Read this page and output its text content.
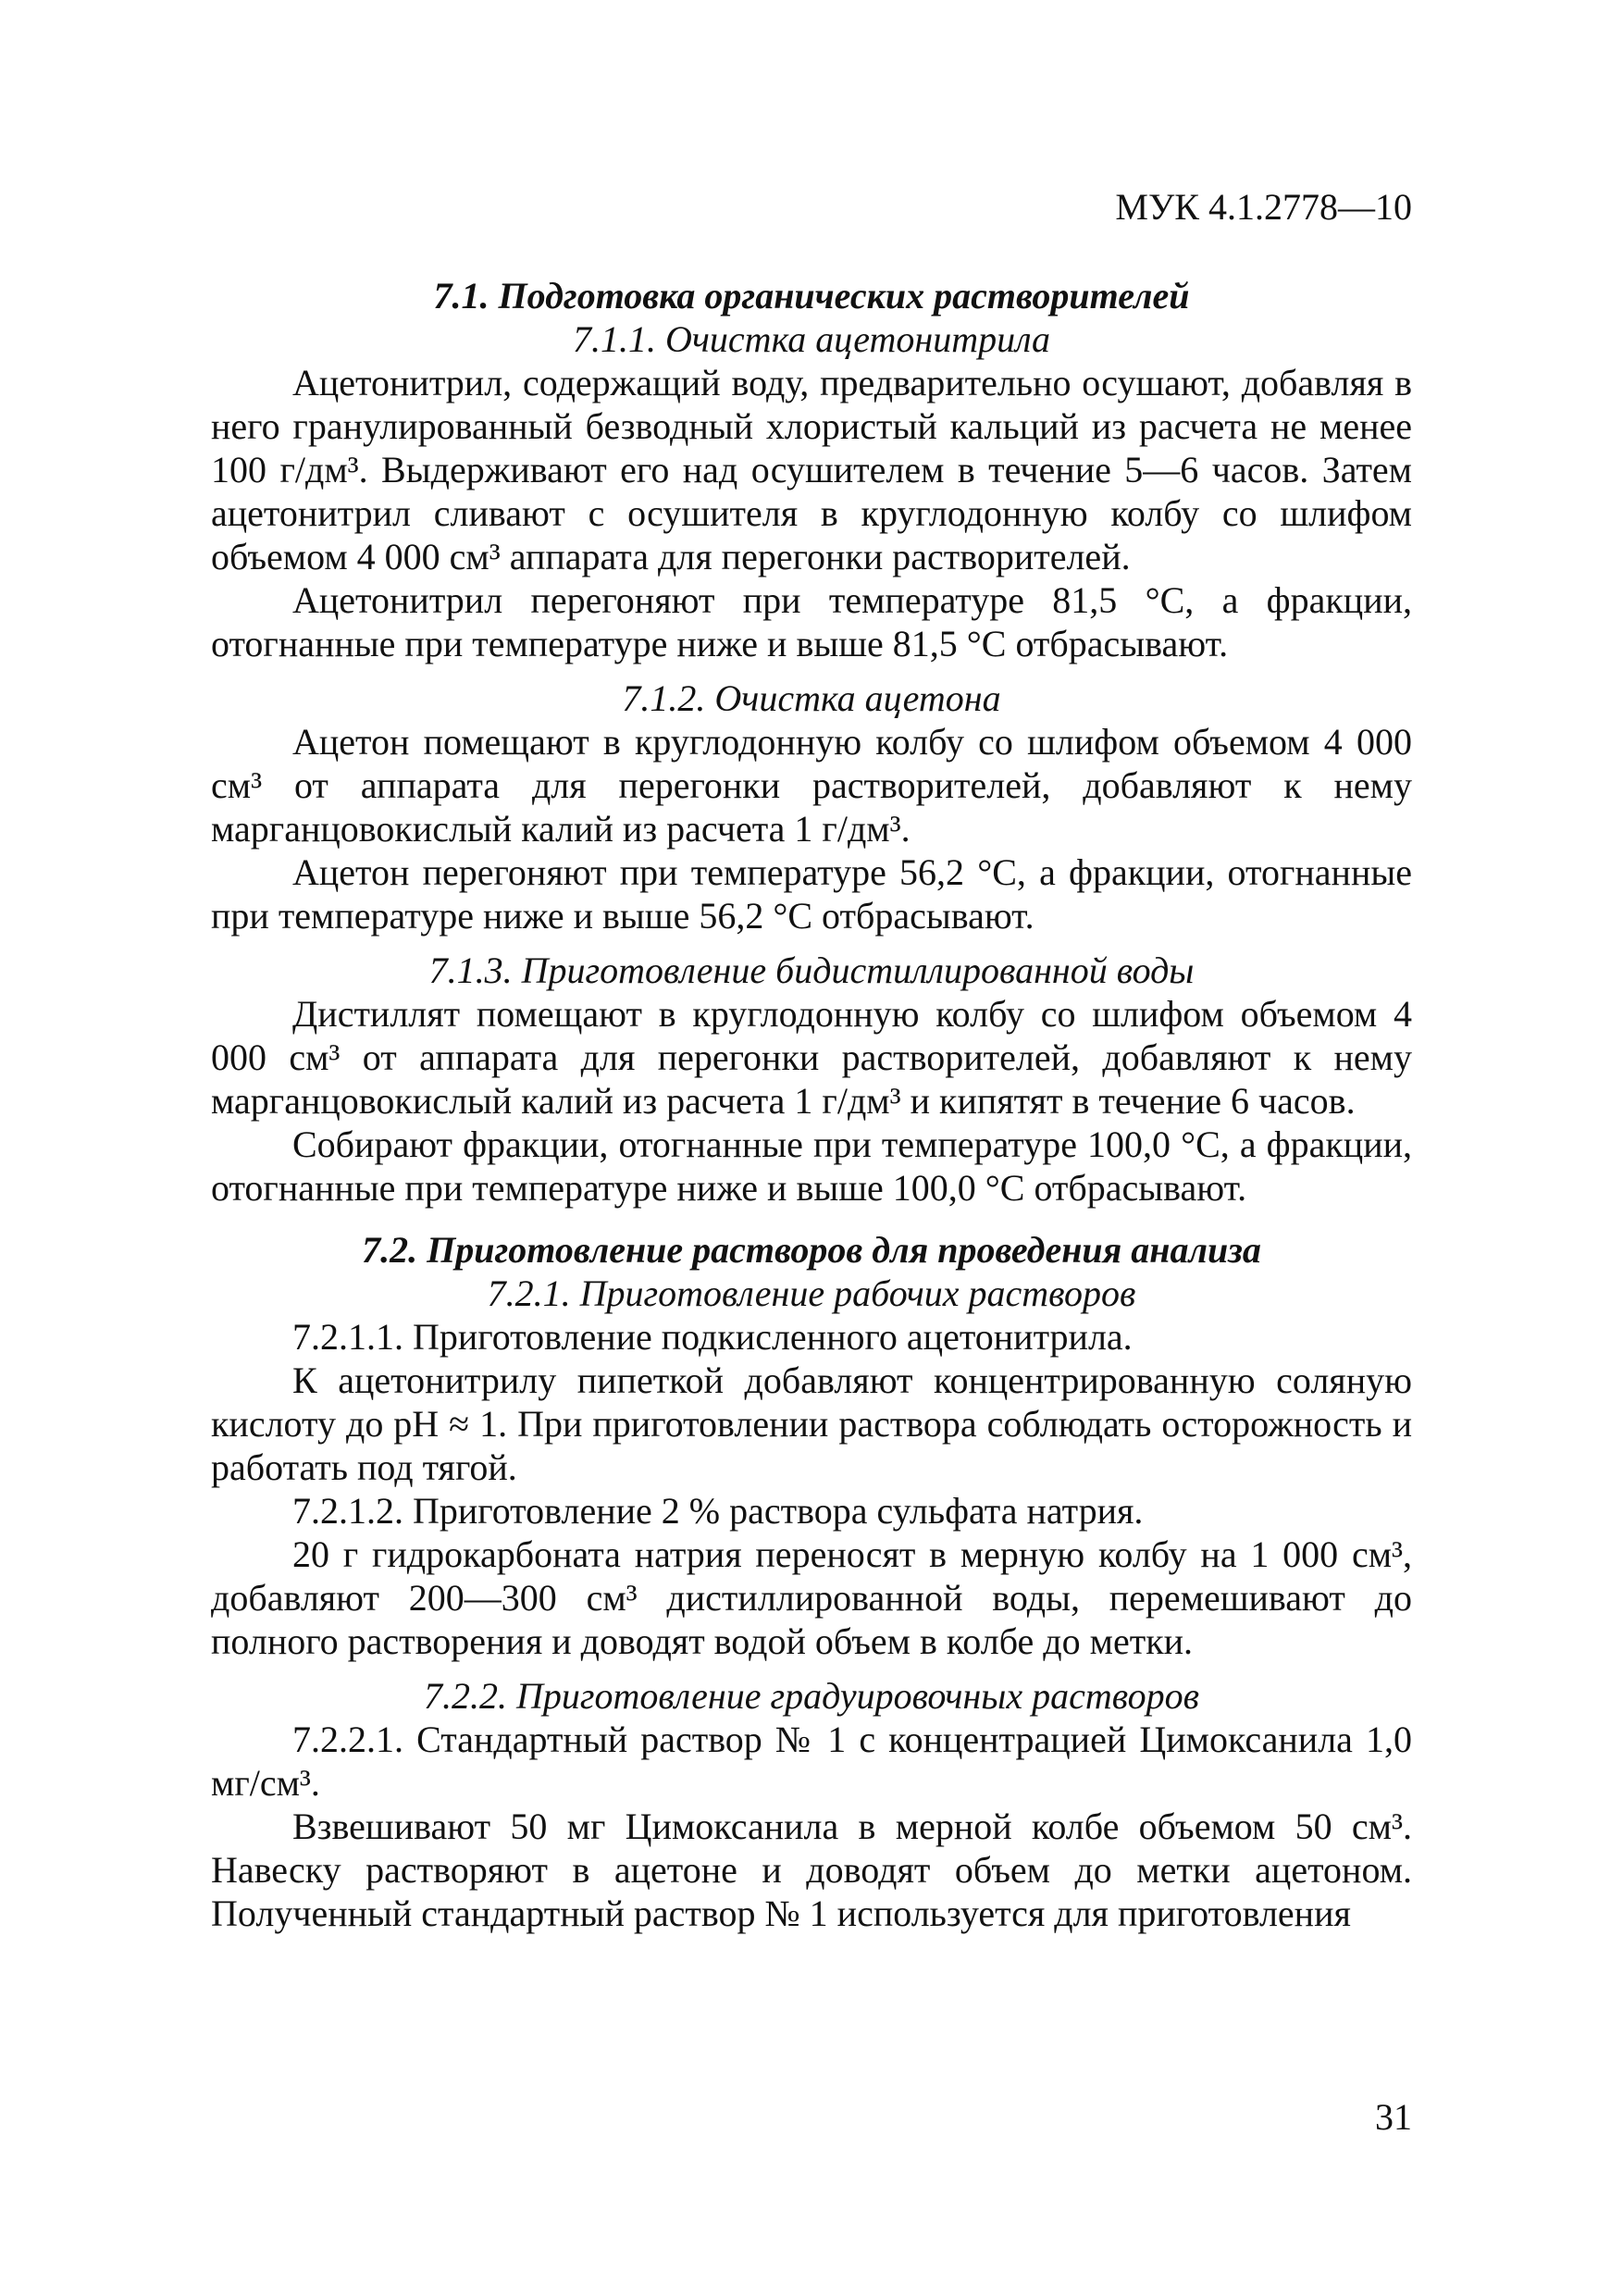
МУК 4.1.2778—10
7.1. Подготовка органических растворителей
7.1.1. Очистка ацетонитрила

Ацетонитрил, содержащий воду, предварительно осушают, добавляя в него гранулированный безводный хлористый кальций из расчета не менее 100 г/дм³. Выдерживают его над осушителем в течение 5—6 часов. Затем ацетонитрил сливают с осушителя в круглодонную колбу со шлифом объемом 4 000 см³ аппарата для перегонки растворителей.

Ацетонитрил перегоняют при температуре 81,5 °С, а фракции, отогнанные при температуре ниже и выше 81,5 °С отбрасывают.

7.1.2. Очистка ацетона

Ацетон помещают в круглодонную колбу со шлифом объемом 4 000 см³ от аппарата для перегонки растворителей, добавляют к нему марганцовокислый калий из расчета 1 г/дм³.

Ацетон перегоняют при температуре 56,2 °С, а фракции, отогнанные при температуре ниже и выше 56,2 °С отбрасывают.

7.1.3. Приготовление бидистиллированной воды

Дистиллят помещают в круглодонную колбу со шлифом объемом 4 000 см³ от аппарата для перегонки растворителей, добавляют к нему марганцовокислый калий из расчета 1 г/дм³ и кипятят в течение 6 часов.

Собирают фракции, отогнанные при температуре 100,0 °С, а фракции, отогнанные при температуре ниже и выше 100,0 °С отбрасывают.

7.2. Приготовление растворов для проведения анализа
7.2.1. Приготовление рабочих растворов

7.2.1.1. Приготовление подкисленного ацетонитрила.

К ацетонитрилу пипеткой добавляют концентрированную соляную кислоту до pH ≈ 1. При приготовлении раствора соблюдать осторожность и работать под тягой.

7.2.1.2. Приготовление 2 % раствора сульфата натрия.

20 г гидрокарбоната натрия переносят в мерную колбу на 1 000 см³, добавляют 200—300 см³ дистиллированной воды, перемешивают до полного растворения и доводят водой объем в колбе до метки.

7.2.2. Приготовление градуировочных растворов

7.2.2.1. Стандартный раствор № 1 с концентрацией Цимоксанила 1,0 мг/см³.

Взвешивают 50 мг Цимоксанила в мерной колбе объемом 50 см³. Навеску растворяют в ацетоне и доводят объем до метки ацетоном. Полученный стандартный раствор № 1 используется для приготовления

31
